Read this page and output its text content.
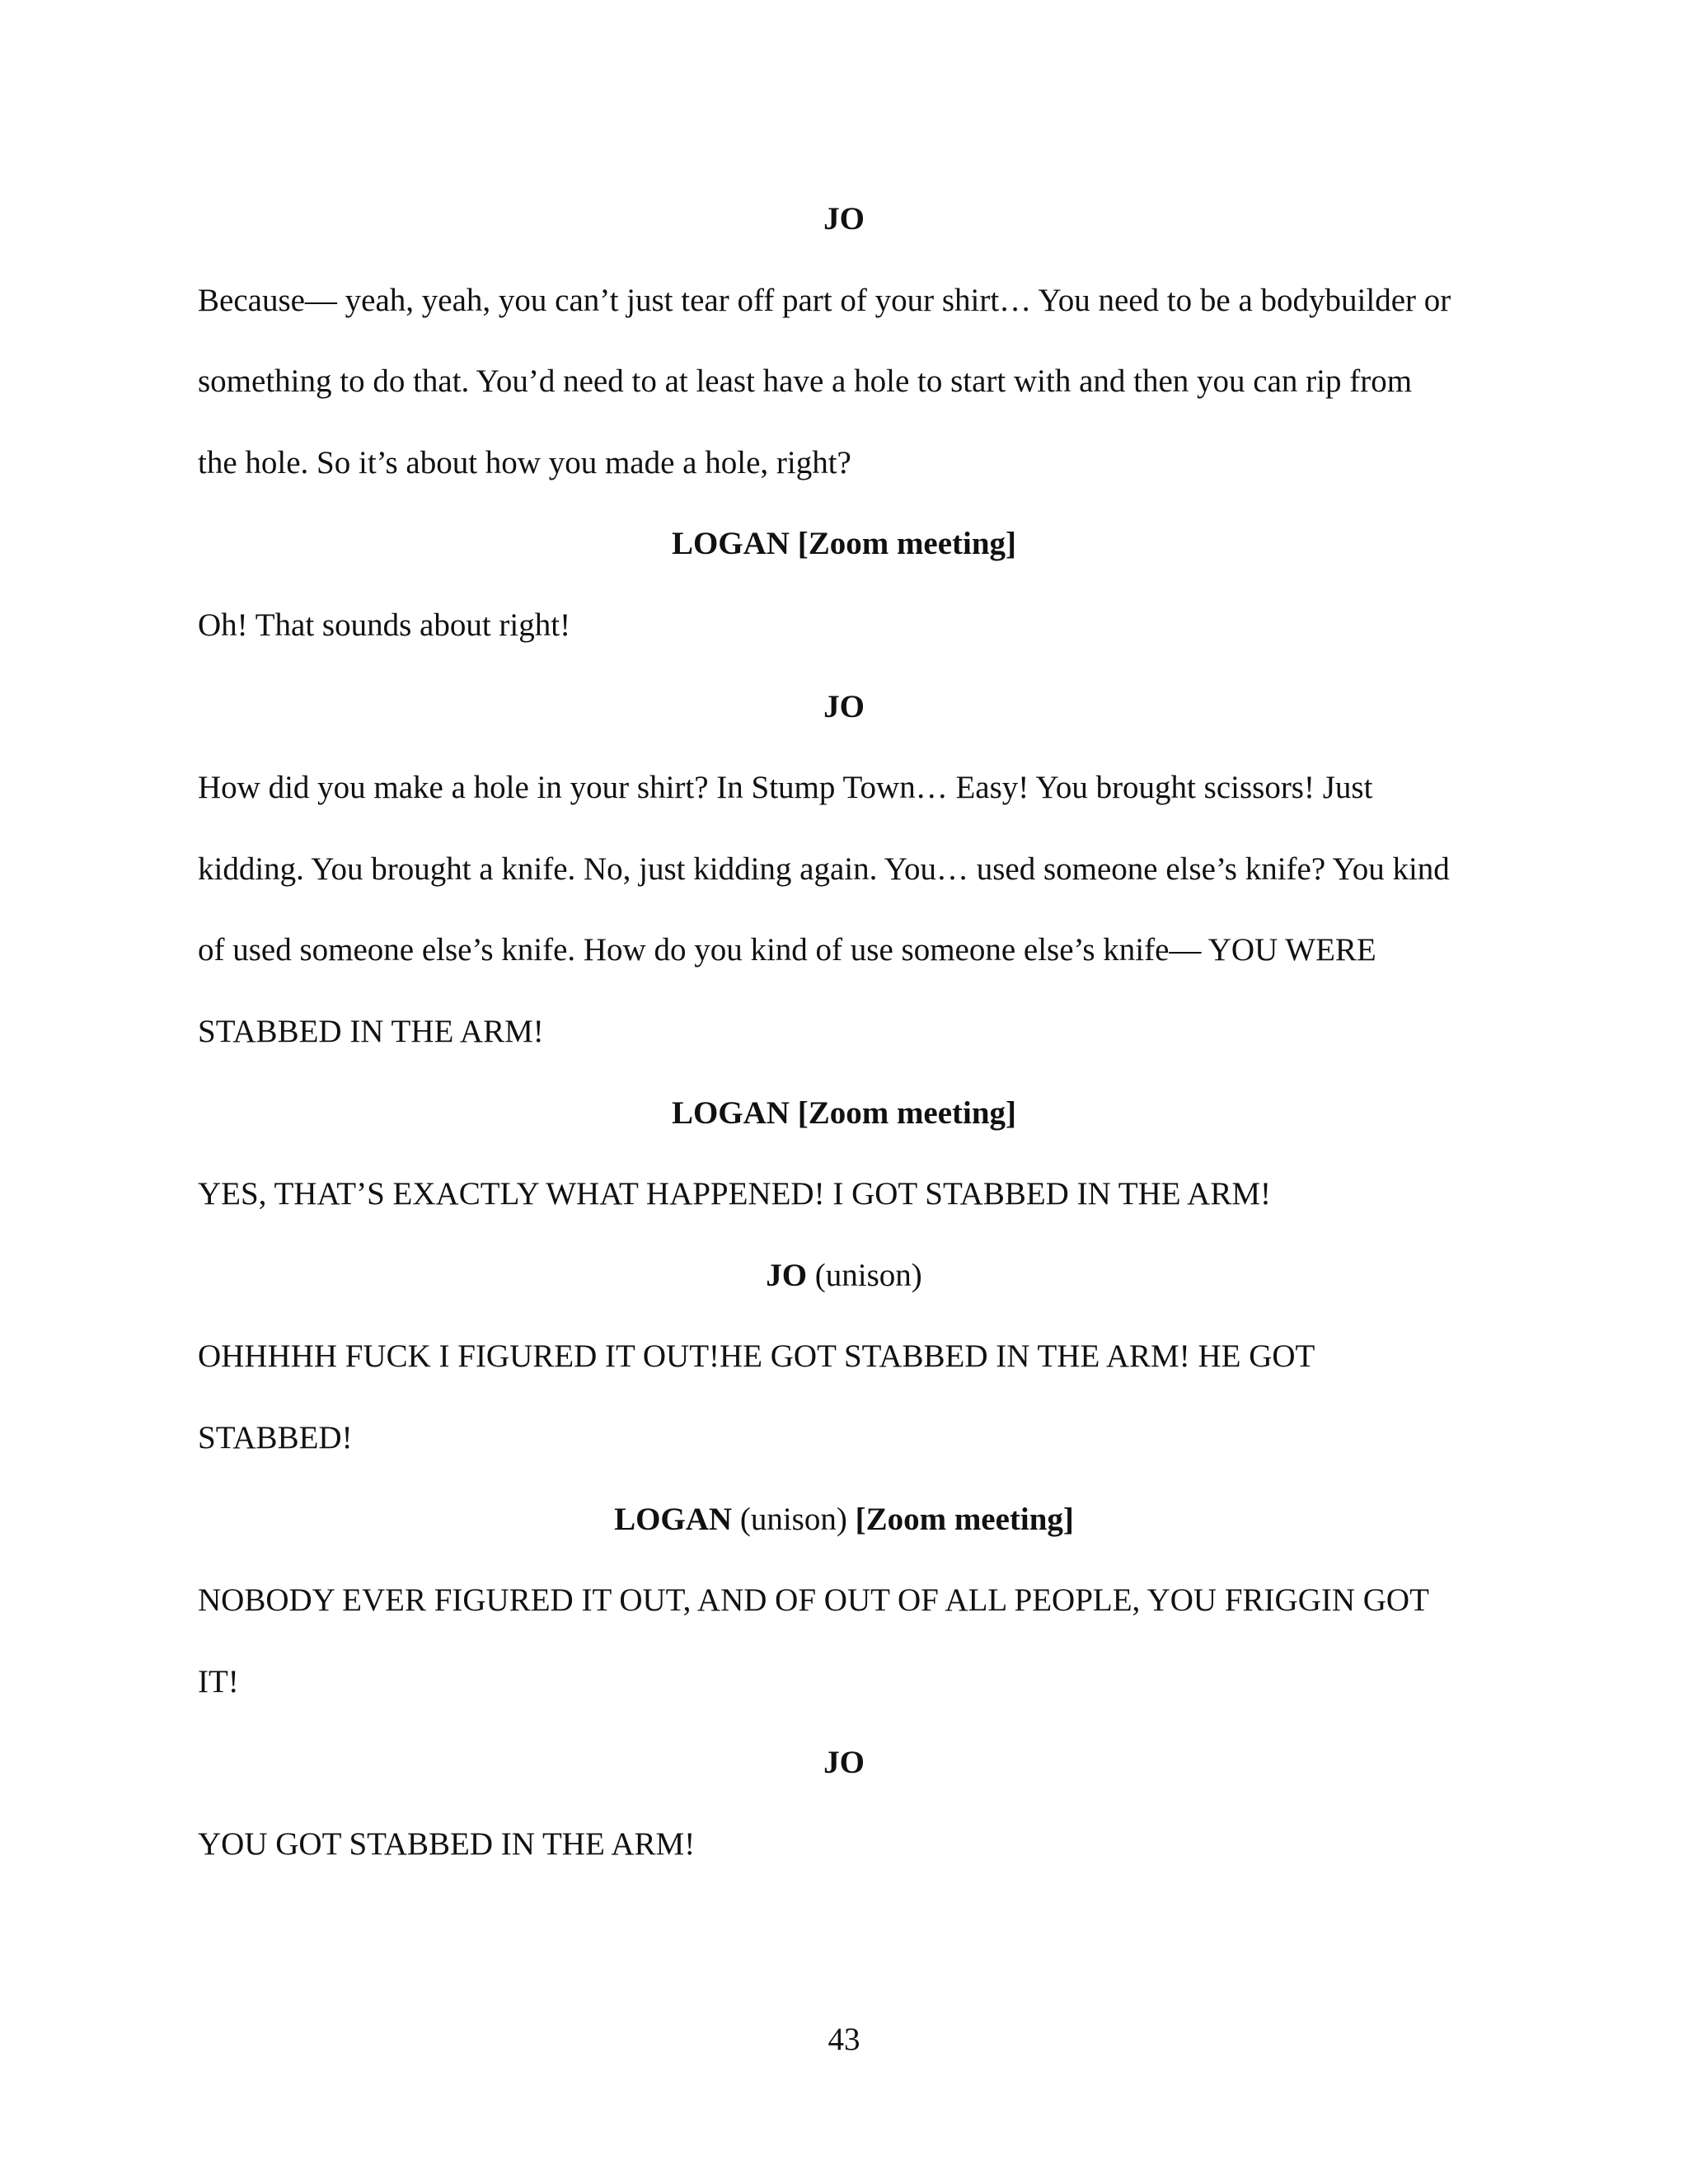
JO
Because— yeah, yeah, you can’t just tear off part of your shirt… You need to be a bodybuilder or
something to do that. You’d need to at least have a hole to start with and then you can rip from
the hole. So it’s about how you made a hole, right?
LOGAN [Zoom meeting]
Oh! That sounds about right!
JO
How did you make a hole in your shirt? In Stump Town… Easy! You brought scissors! Just
kidding. You brought a knife. No, just kidding again. You… used someone else’s knife? You kind
of used someone else’s knife. How do you kind of use someone else’s knife— YOU WERE
STABBED IN THE ARM!
LOGAN [Zoom meeting]
YES, THAT’S EXACTLY WHAT HAPPENED! I GOT STABBED IN THE ARM!
JO (unison)
OHHHHH FUCK I FIGURED IT OUT!HE GOT STABBED IN THE ARM! HE GOT
STABBED!
LOGAN (unison) [Zoom meeting]
NOBODY EVER FIGURED IT OUT, AND OF OUT OF ALL PEOPLE, YOU FRIGGIN GOT
IT!
JO
YOU GOT STABBED IN THE ARM!
43
